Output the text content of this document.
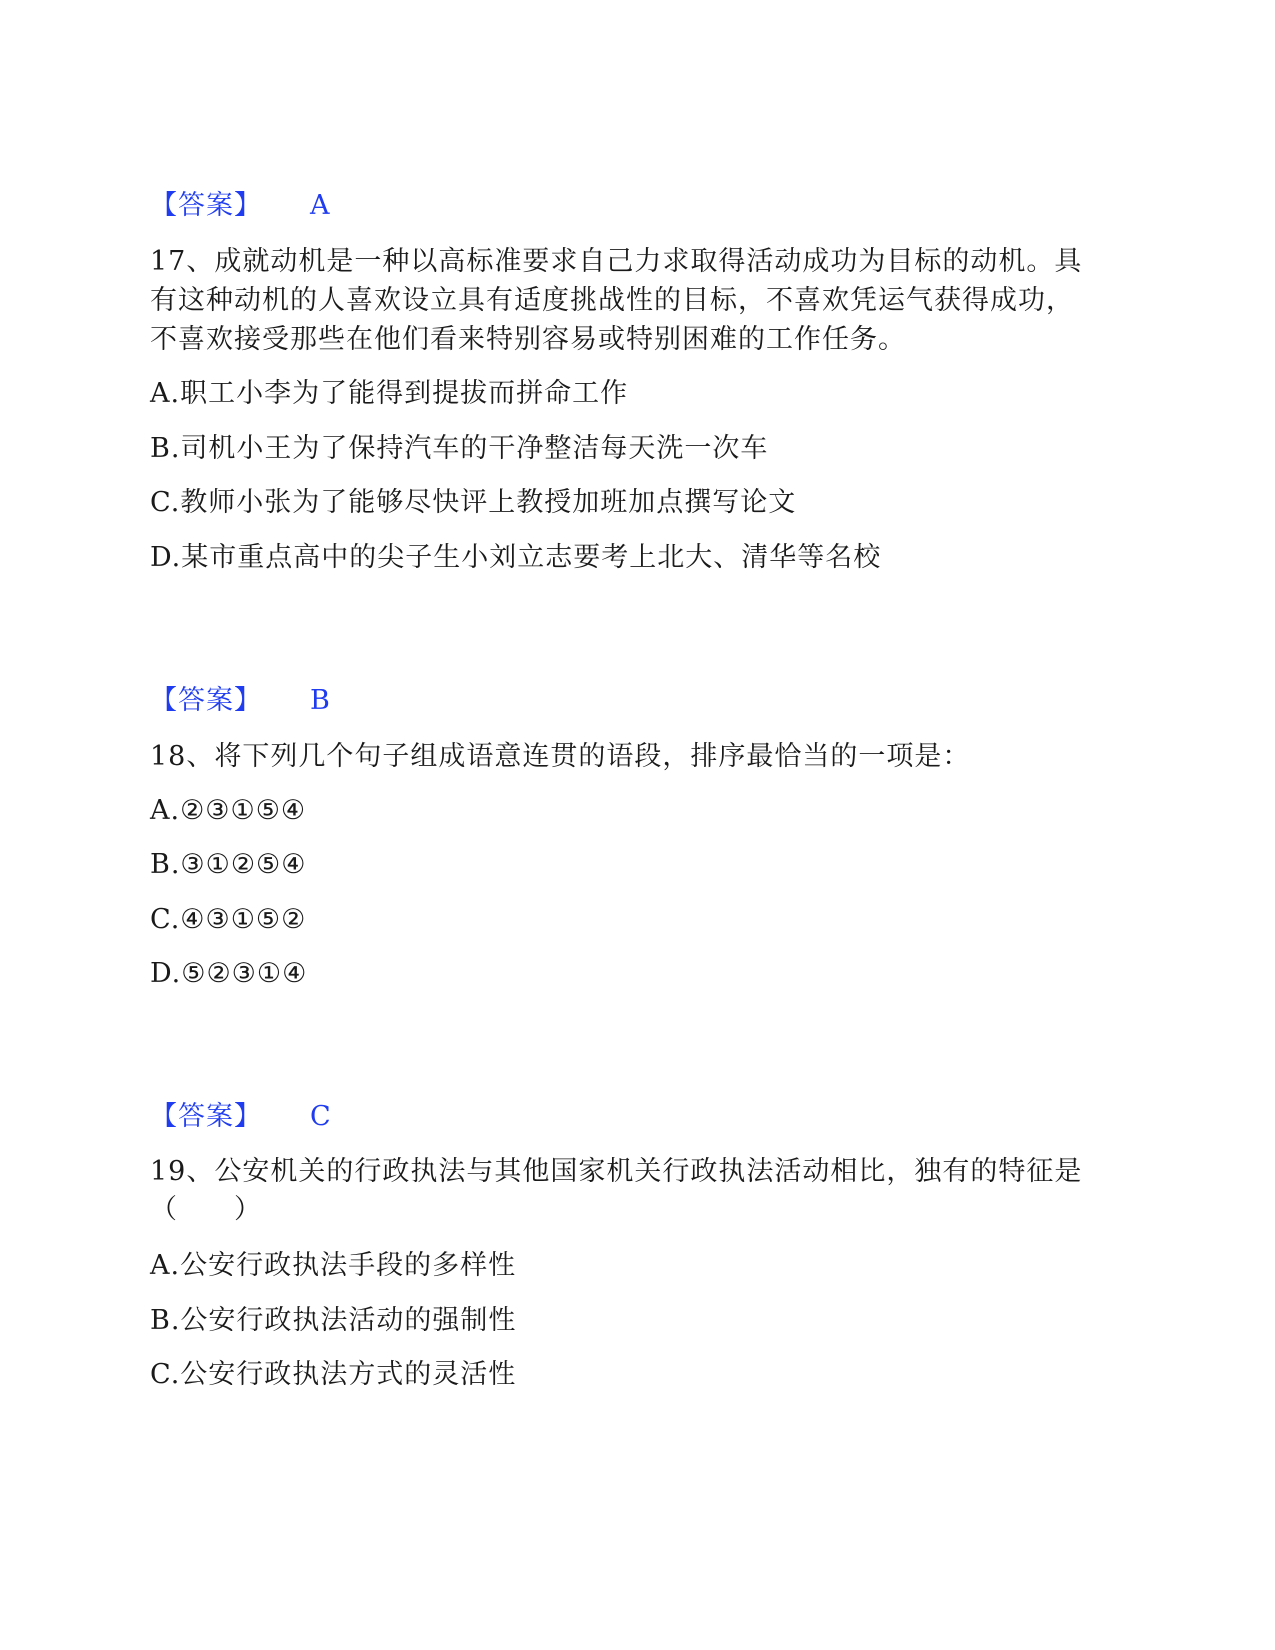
【答案】 A
17、成就动机是一种以高标准要求自己力求取得活动成功为目标的动机。具
有这种动机的人喜欢设立具有适度挑战性的目标，不喜欢凭运气获得成功，
不喜欢接受那些在他们看来特别容易或特别困难的工作任务。
A.职工小李为了能得到提拔而拼命工作
B.司机小王为了保持汽车的干净整洁每天洗一次车
C.教师小张为了能够尽快评上教授加班加点撰写论文
D.某市重点高中的尖子生小刘立志要考上北大、清华等名校
【答案】 B
18、将下列几个句子组成语意连贯的语段，排序最恰当的一项是：
A.②③①⑤④
B.③①②⑤④
C.④③①⑤②
D.⑤②③①④
【答案】 C
19、公安机关的行政执法与其他国家机关行政执法活动相比，独有的特征是
（　　）
A.公安行政执法手段的多样性
B.公安行政执法活动的强制性
C.公安行政执法方式的灵活性
